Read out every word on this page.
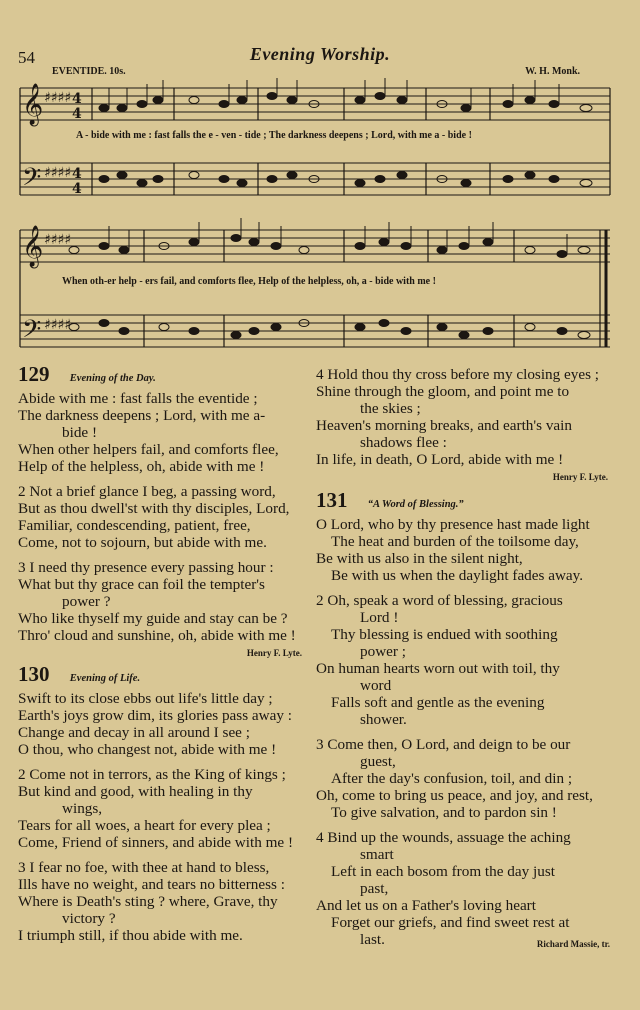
54	Evening Worship.
EVENTIDE. 10s.	W. H. Monk.
𝄞
𝄢
𝄞
𝄢
♯♯♯♯
♯♯♯♯
♯♯♯♯
♯♯♯♯
4
4
4
4
A - bide with me : fast falls the e - ven - tide ; The darkness deepens ; Lord, with me a - bide !
When oth-er help - ers fail, and comforts flee, Help of the helpless, oh, a - bide with me !
129 Evening of the Day.
Abide with me : fast falls the eventide ;
The darkness deepens ; Lord, with me a-
bide !
When other helpers fail, and comforts flee,
Help of the helpless, oh, abide with me !
2 Not a brief glance I beg, a passing word,
But as thou dwell'st with thy disciples, Lord,
Familiar, condescending, patient, free,
Come, not to sojourn, but abide with me.
3 I need thy presence every passing hour :
What but thy grace can foil the tempter's
power ?
Who like thyself my guide and stay can be ?
Thro' cloud and sunshine, oh, abide with me !
Henry F. Lyte.
130 Evening of Life.
Swift to its close ebbs out life's little day ;
Earth's joys grow dim, its glories pass away :
Change and decay in all around I see ;
O thou, who changest not, abide with me !
2 Come not in terrors, as the King of kings ;
But kind and good, with healing in thy
wings,
Tears for all woes, a heart for every plea ;
Come, Friend of sinners, and abide with me !
3 I fear no foe, with thee at hand to bless,
Ills have no weight, and tears no bitterness :
Where is Death's sting ? where, Grave, thy
victory ?
I triumph still, if thou abide with me.
4 Hold thou thy cross before my closing eyes ;
Shine through the gloom, and point me to
the skies ;
Heaven's morning breaks, and earth's vain
shadows flee :
In life, in death, O Lord, abide with me !
Henry F. Lyte.
131 “A Word of Blessing.”
O Lord, who by thy presence hast made light
The heat and burden of the toilsome day,
Be with us also in the silent night,
Be with us when the daylight fades away.
2 Oh, speak a word of blessing, gracious
Lord !
Thy blessing is endued with soothing
power ;
On human hearts worn out with toil, thy
word
Falls soft and gentle as the evening
shower.
3 Come then, O Lord, and deign to be our
guest,
After the day's confusion, toil, and din ;
Oh, come to bring us peace, and joy, and rest,
To give salvation, and to pardon sin !
4 Bind up the wounds, assuage the aching
smart
Left in each bosom from the day just
past,
And let us on a Father's loving heart
Forget our griefs, and find sweet rest at
last.	Richard Massie, tr.
